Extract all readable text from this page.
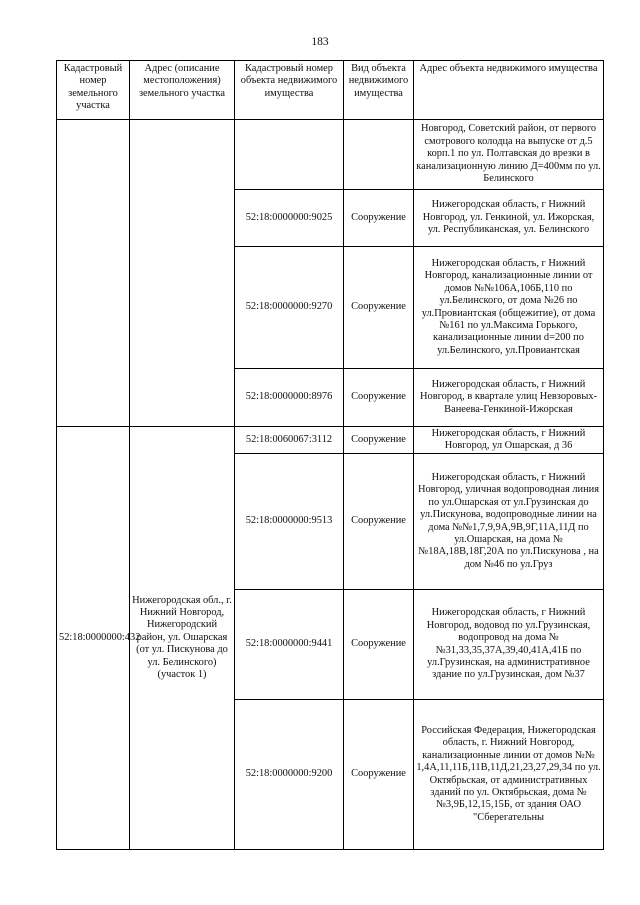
183
Кадастровый номер земельного участка	Адрес (описание местоположения) земельного участка	Кадастровый номер объекта недвижимого имущества	Вид объекта недвижимого имущества	Адрес объекта недвижимого имущества
				Новгород, Советский район, от первого смотрового колодца на выпуске от д.5 корп.1 по ул. Полтавская до врезки в канализационную линию Д=400мм по ул. Белинского
		52:18:0000000:9025	Сооружение	Нижегородская область, г Нижний Новгород, ул. Генкиной, ул. Ижорская, ул. Республиканская, ул. Белинского
		52:18:0000000:9270	Сооружение	Нижегородская область, г Нижний Новгород, канализационные линии от домов №№106А,106Б,110 по ул.Белинского, от дома №26 по ул.Провиантская (общежитие), от дома №161 по ул.Максима Горького, канализационные линии d=200 по ул.Белинского, ул.Провиантская
		52:18:0000000:8976	Сооружение	Нижегородская область, г Нижний Новгород, в квартале улиц Невзоровых-Ванеева-Генкиной-Ижорская
52:18:0000000:432	Нижегородская обл., г. Нижний Новгород, Нижегородский район, ул. Ошарская (от ул. Пискунова до ул. Белинского) (участок 1)	52:18:0060067:3112	Сооружение	Нижегородская область, г Нижний Новгород, ул Ошарская, д 36
		52:18:0000000:9513	Сооружение	Нижегородская область, г Нижний Новгород, уличная водопроводная линия по ул.Ошарская от ул.Грузинская до ул.Пискунова, водопроводные линии на дома №№1,7,9,9А,9В,9Г,11А,11Д по ул.Ошарская, на дома №№18А,18В,18Г,20А по ул.Пискунова , на дом №46 по ул.Груз
		52:18:0000000:9441	Сооружение	Нижегородская область, г Нижний Новгород, водовод по ул.Грузинская, водопровод на дома №№31,33,35,37А,39,40,41А,41Б по ул.Грузинская, на административное здание по ул.Грузинская, дом №37
		52:18:0000000:9200	Сооружение	Российская Федерация, Нижегородская область, г. Нижний Новгород, канализационные линии от домов №№ 1,4А,11,11Б,11В,11Д,21,23,27,29,34 по ул. Октябрьская, от административных зданий по ул. Октябрьская, дома №№3,9Б,12,15,15Б, от здания ОАО "Сберегательны
